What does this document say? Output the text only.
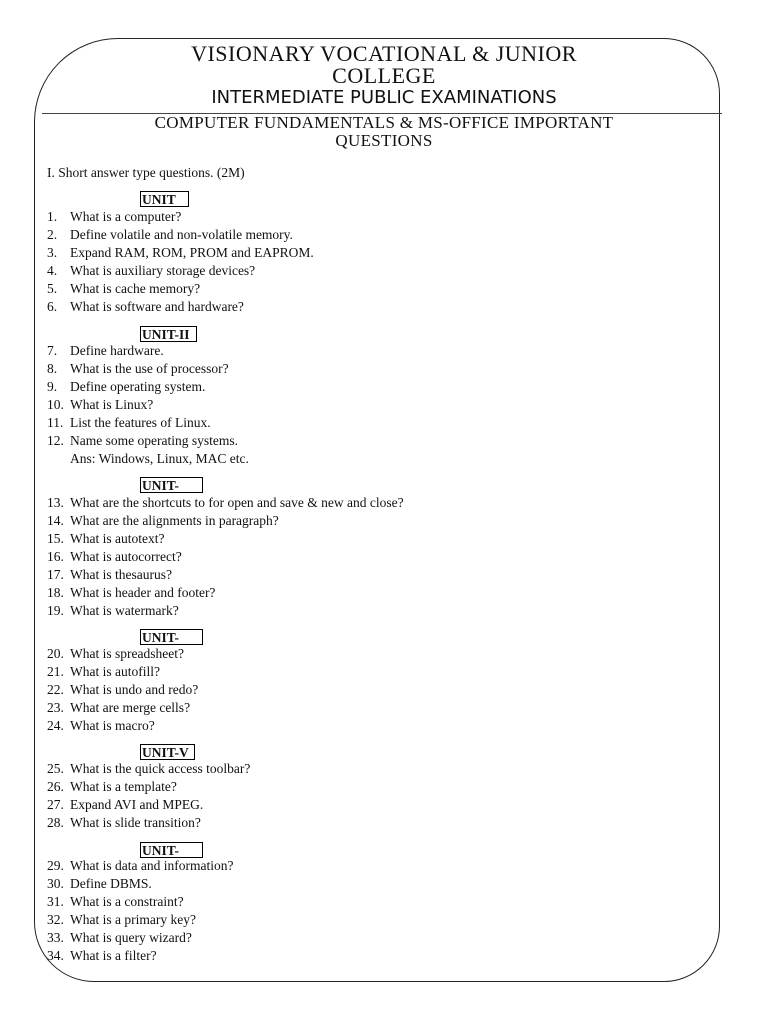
VISIONARY VOCATIONAL & JUNIOR
COLLEGE
INTERMEDIATE PUBLIC EXAMINATIONS
COMPUTER FUNDAMENTALS & MS-OFFICE IMPORTANT
QUESTIONS
I. Short answer type questions. (2M)
UNIT
UNIT-II
UNIT-
UNIT-
UNIT-V
UNIT-
1. What is a computer?
2. Define volatile and non-volatile memory.
3. Expand RAM, ROM, PROM and EAPROM.
4. What is auxiliary storage devices?
5. What is cache memory?
6. What is software and hardware?
7. Define hardware.
8. What is the use of processor?
9. Define operating system.
10. What is Linux?
11. List the features of Linux.
12. Name some operating systems.
Ans: Windows, Linux, MAC etc.
13. What are the shortcuts to for open and save & new and close?
14. What are the alignments in paragraph?
15. What is autotext?
16. What is autocorrect?
17. What is thesaurus?
18. What is header and footer?
19. What is watermark?
20. What is spreadsheet?
21. What is autofill?
22. What is undo and redo?
23. What are merge cells?
24. What is macro?
25. What is the quick access toolbar?
26. What is a template?
27. Expand AVI and MPEG.
28. What is slide transition?
29. What is data and information?
30. Define DBMS.
31. What is a constraint?
32. What is a primary key?
33. What is query wizard?
34. What is a filter?
